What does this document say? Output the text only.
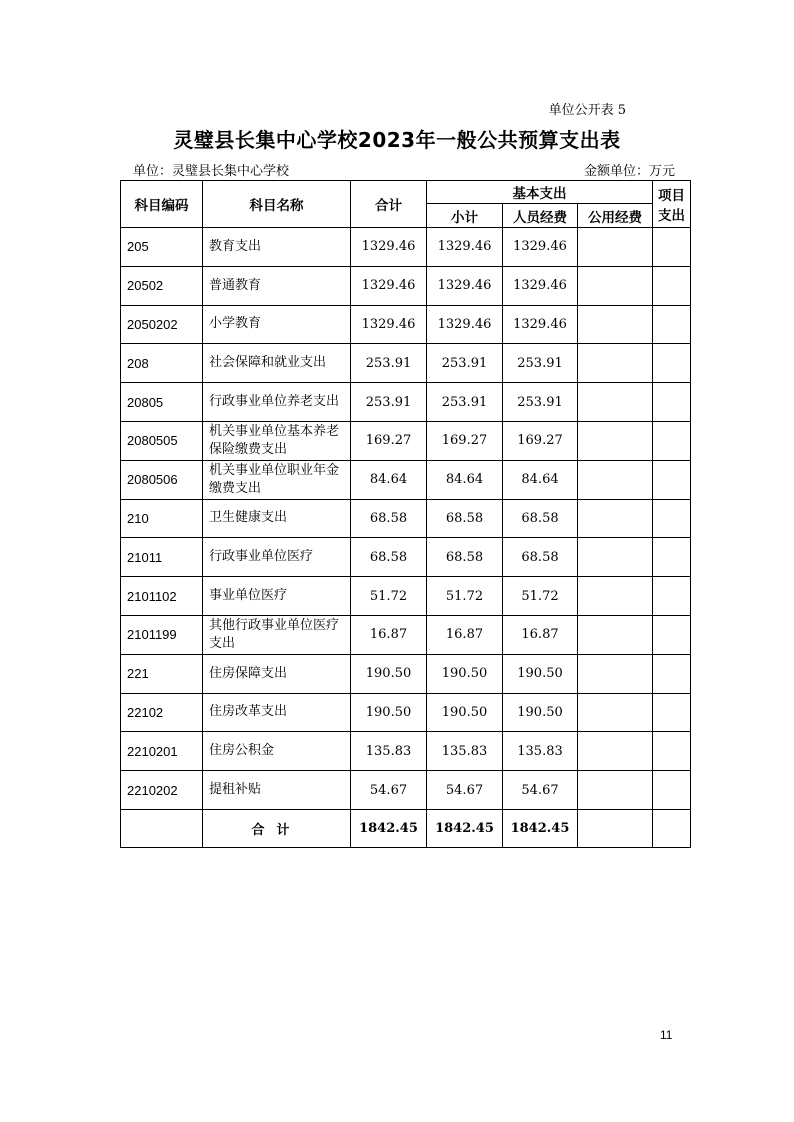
单位公开表 5
灵璧县长集中心学校2023年一般公共预算支出表
单位：灵璧县长集中心学校	金额单位：万元
科目编码	科目名称	合计	基本支出			项目支出
			小计	人员经费	公用经费	
205	教育支出	1329.46	1329.46	1329.46		
20502	普通教育	1329.46	1329.46	1329.46		
2050202	小学教育	1329.46	1329.46	1329.46		
208	社会保障和就业支出	253.91	253.91	253.91		
20805	行政事业单位养老支出	253.91	253.91	253.91		
2080505	机关事业单位基本养老保险缴费支出	169.27	169.27	169.27		
2080506	机关事业单位职业年金缴费支出	84.64	84.64	84.64		
210	卫生健康支出	68.58	68.58	68.58		
21011	行政事业单位医疗	68.58	68.58	68.58		
2101102	事业单位医疗	51.72	51.72	51.72		
2101199	其他行政事业单位医疗支出	16.87	16.87	16.87		
221	住房保障支出	190.50	190.50	190.50		
22102	住房改革支出	190.50	190.50	190.50		
2210201	住房公积金	135.83	135.83	135.83		
2210202	提租补贴	54.67	54.67	54.67		
	合计	1842.45	1842.45	1842.45		
11
